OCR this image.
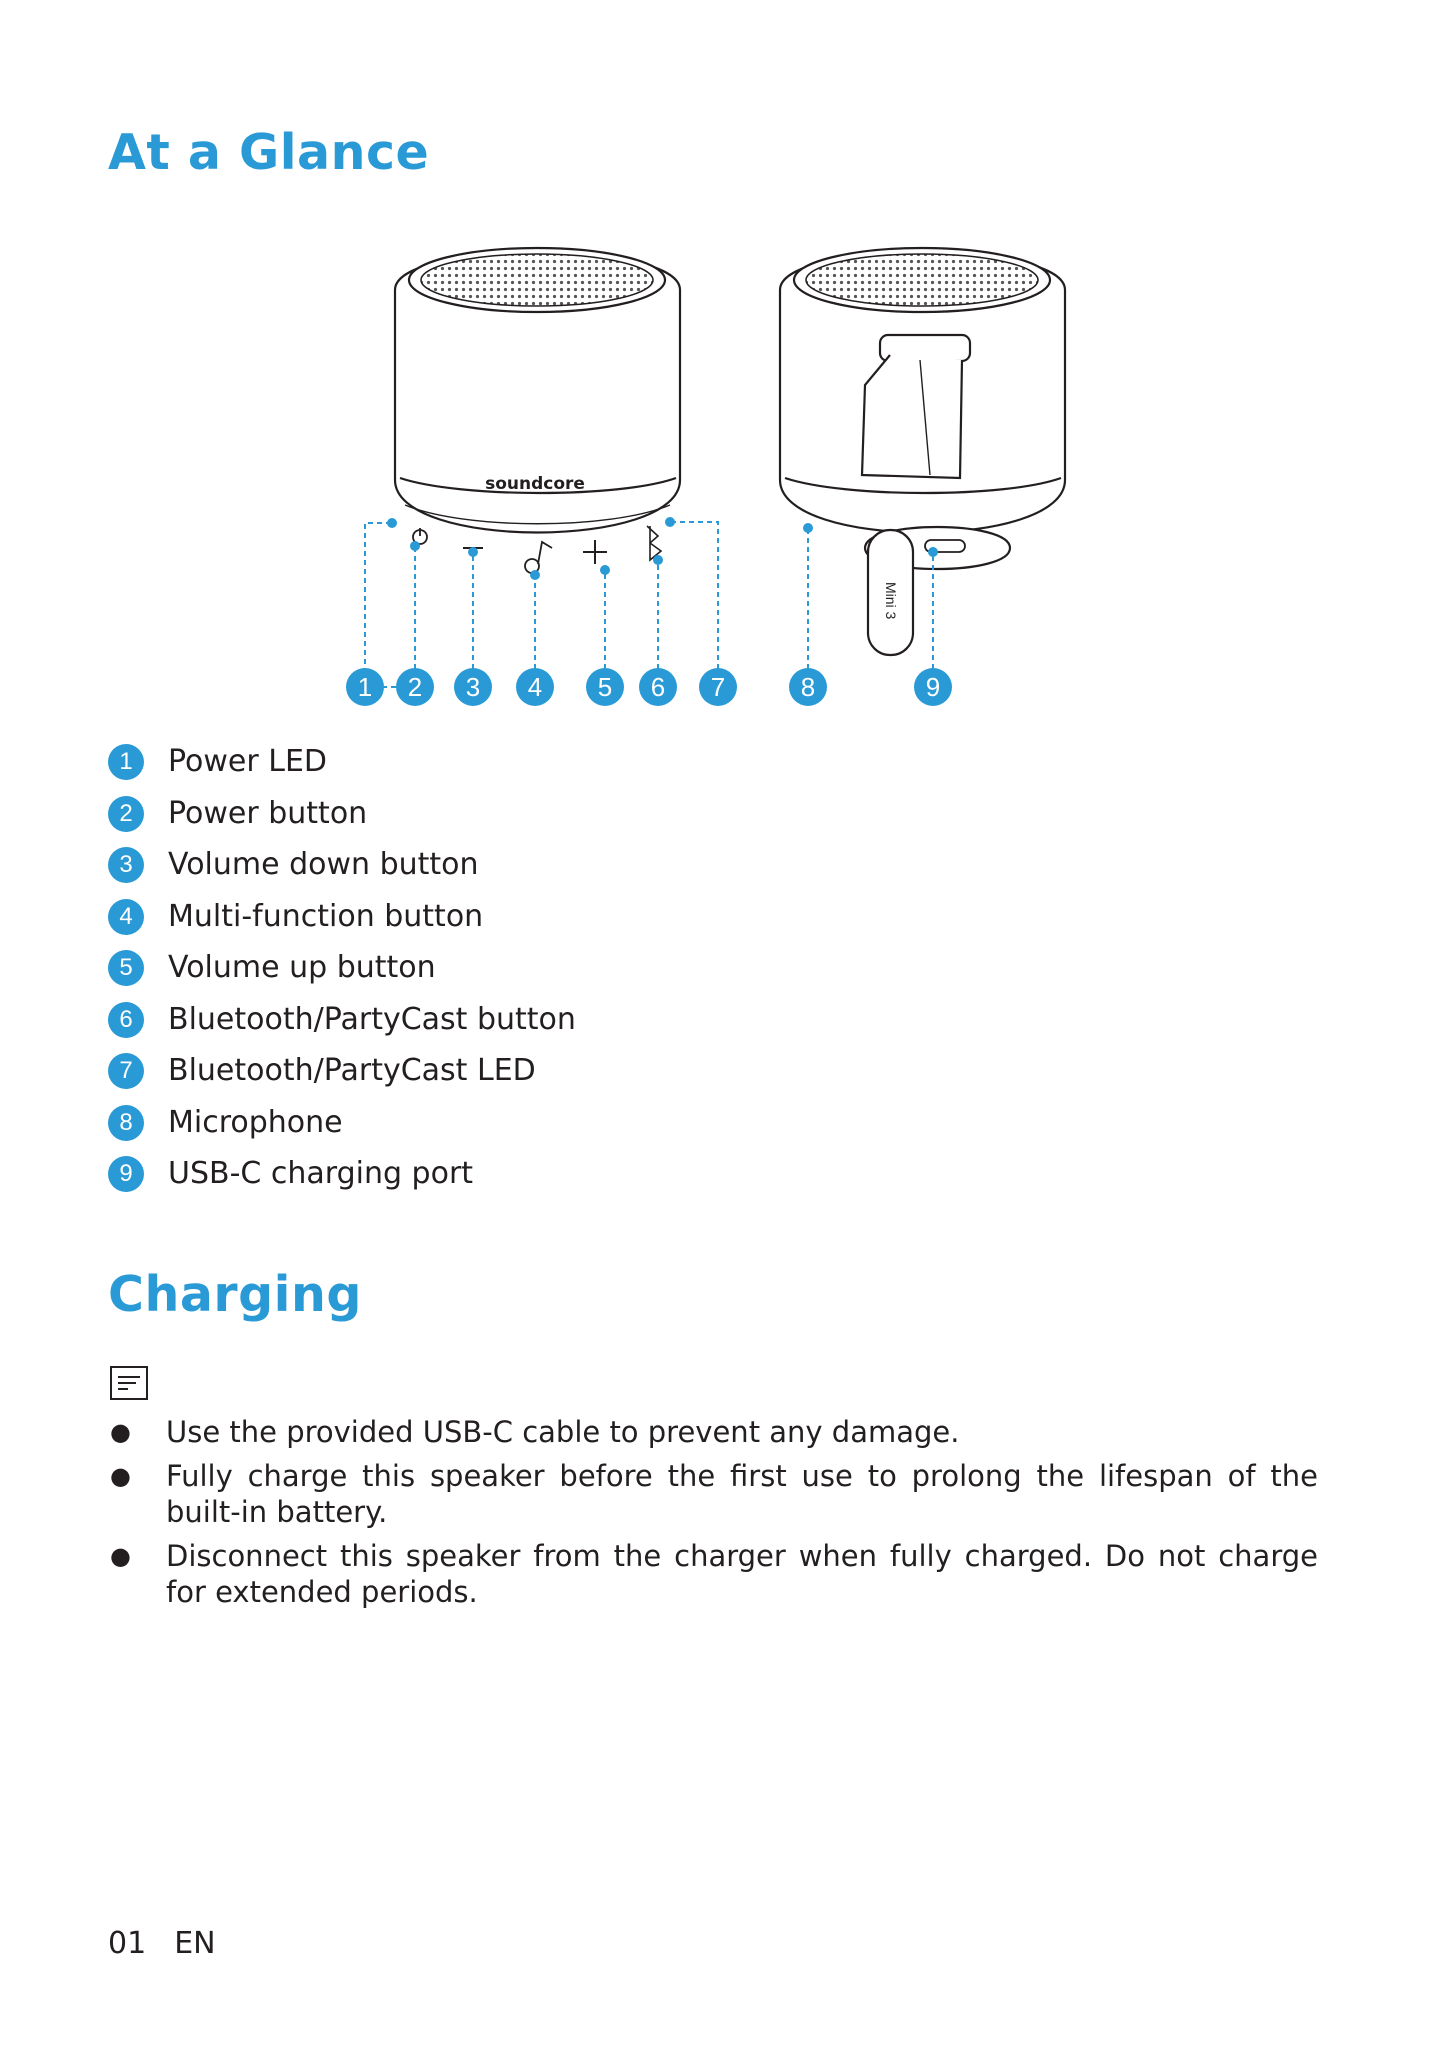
At a Glance
soundcore
Mini 3
1 2 3 4 5 6 7	8	9
1	Power LED
2	Power button
3	Volume down button
4	Multi-function button
5	Volume up button
6	Bluetooth/PartyCast button
7	Bluetooth/PartyCast LED
8	Microphone
9	USB-C charging port
Charging
● Use the provided USB-C cable to prevent any damage.
● Fully charge this speaker before the first use to prolong the lifespan of the built-in battery.
● Disconnect this speaker from the charger when fully charged. Do not charge for extended periods.
01 EN
